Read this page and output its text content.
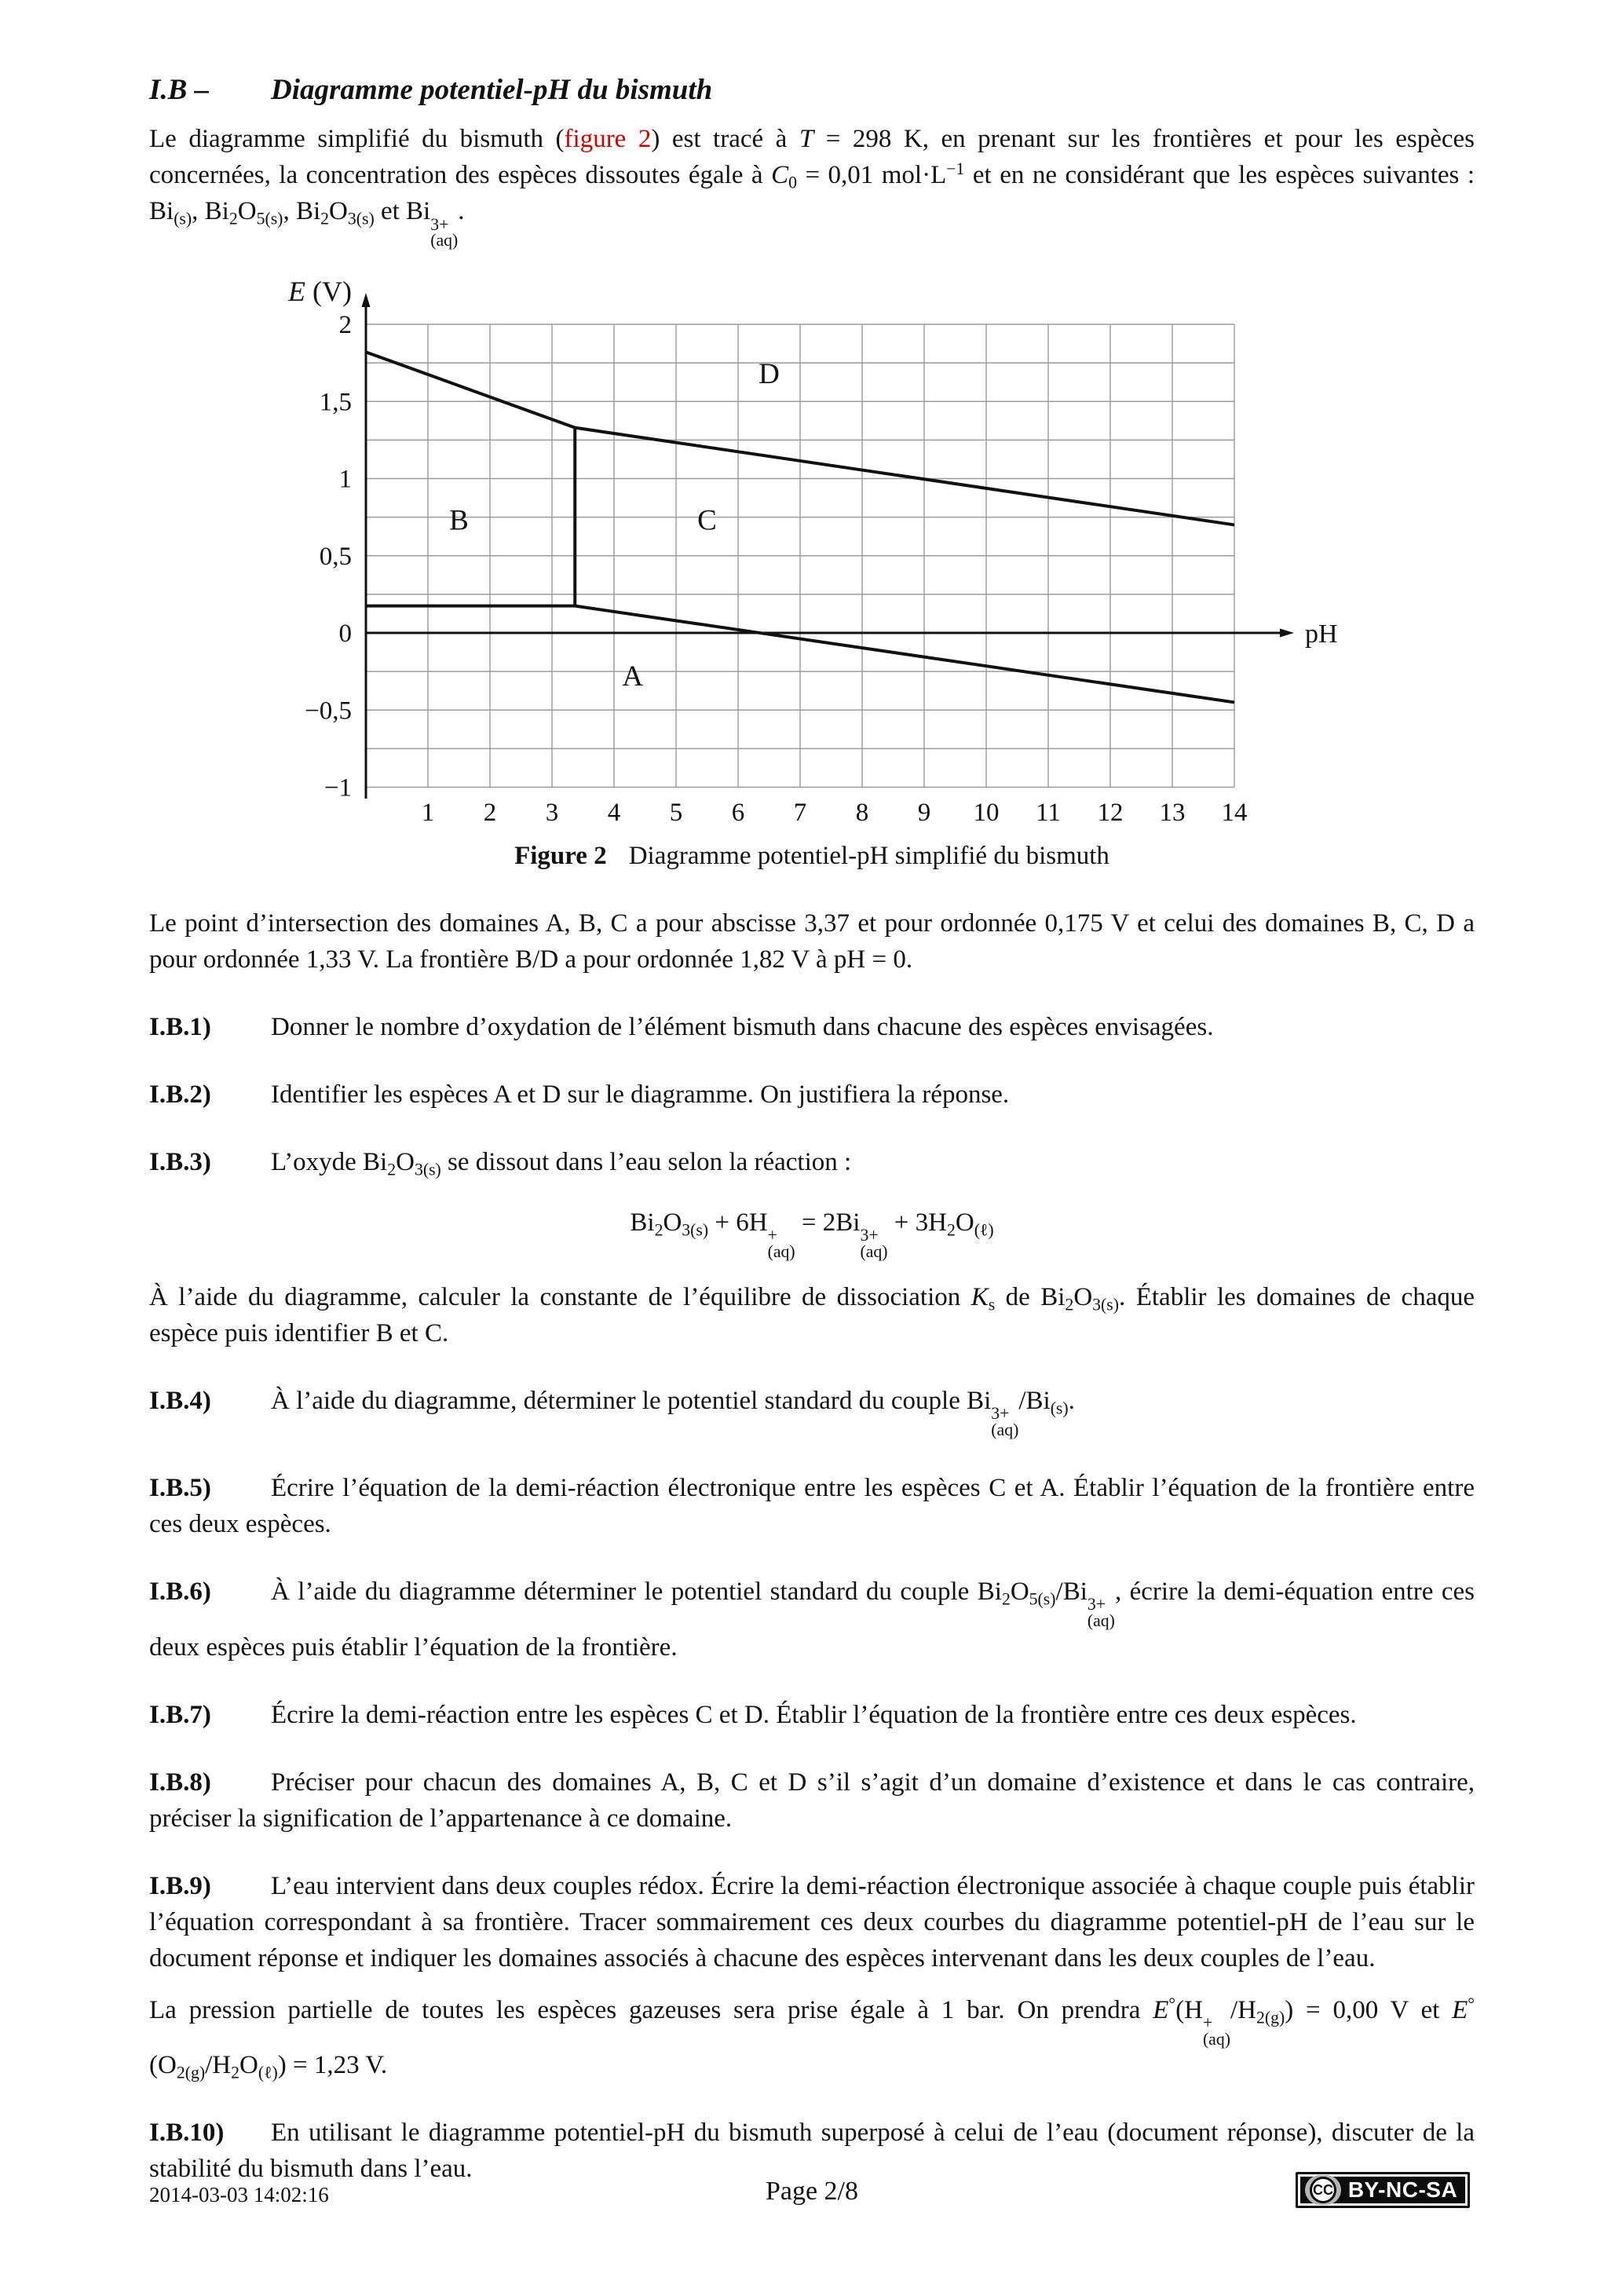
I.B – Diagramme potentiel-pH du bismuth

Le diagramme simplifié du bismuth (figure 2) est tracé à T = 298 K, en prenant sur les frontières et pour les espèces concernées, la concentration des espèces dissoutes égale à C0 = 0,01 $mol\cdot L^{-1}$ et en ne considérant que les espèces suivantes : Bi(s), Bi2O5(s), Bi2O3(s) et Bi 3+
(aq)
.

pH
E (V)
1 2 3 4 5 6 7 8 9 10 11 12 13 14
2
1,5
1
0,5
0
−0,5
−1
A
B	C
D

Figure 2 Diagramme potentiel-pH simplifié du bismuth

Le point d’intersection des domaines A, B, C a pour abscisse 3,37 et pour ordonnée 0,175 V et celui des domaines B, C, D a pour ordonnée 1,33 V. La frontière B/D a pour ordonnée 1,82 V à pH = 0.

I.B.1) Donner le nombre d’oxydation de l’élément bismuth dans chacune des espèces envisagées.

I.B.2) Identifier les espèces A et D sur le diagramme. On justifiera la réponse.

I.B.3) L’oxyde Bi2O3(s) se dissout dans l’eau selon la réaction :

Bi2O3(s) + 6H +
(aq)
= 2Bi 3+
(aq)
+ 3H2O(ℓ)

À l’aide du diagramme, calculer la constante de l’équilibre de dissociation Ks de Bi2O3(s). Établir les domaines de chaque espèce puis identifier B et C.

I.B.4) À l’aide du diagramme, déterminer le potentiel standard du couple Bi 3+
(aq)
/Bi(s).

I.B.5) Écrire l’équation de la demi-réaction électronique entre les espèces C et A. Établir l’équation de la frontière entre ces deux espèces.

I.B.6) À l’aide du diagramme déterminer le potentiel standard du couple Bi2O5(s)/Bi 3+
(aq)
, écrire la demi-équation entre ces deux espèces puis établir l’équation de la frontière.

I.B.7) Écrire la demi-réaction entre les espèces C et D. Établir l’équation de la frontière entre ces deux espèces.

I.B.8) Préciser pour chacun des domaines A, B, C et D s’il s’agit d’un domaine d’existence et dans le cas contraire, préciser la signification de l’appartenance à ce domaine.

I.B.9) L’eau intervient dans deux couples rédox. Écrire la demi-réaction électronique associée à chaque couple puis établir l’équation correspondant à sa frontière. Tracer sommairement ces deux courbes du diagramme potentiel-pH de l’eau sur le document réponse et indiquer les domaines associés à chacune des espèces intervenant dans les deux couples de l’eau.

La pression partielle de toutes les espèces gazeuses sera prise égale à 1 bar. On prendra E°(H +
(aq)
/H2(g)) = 0,00 V et E°(O2(g)/H2O(ℓ)) = 1,23 V.

I.B.10) En utilisant le diagramme potentiel-pH du bismuth superposé à celui de l’eau (document réponse), discuter de la stabilité du bismuth dans l’eau.

2014-03-03 14:02:16	Page 2/8	CC BY-NC-SA
